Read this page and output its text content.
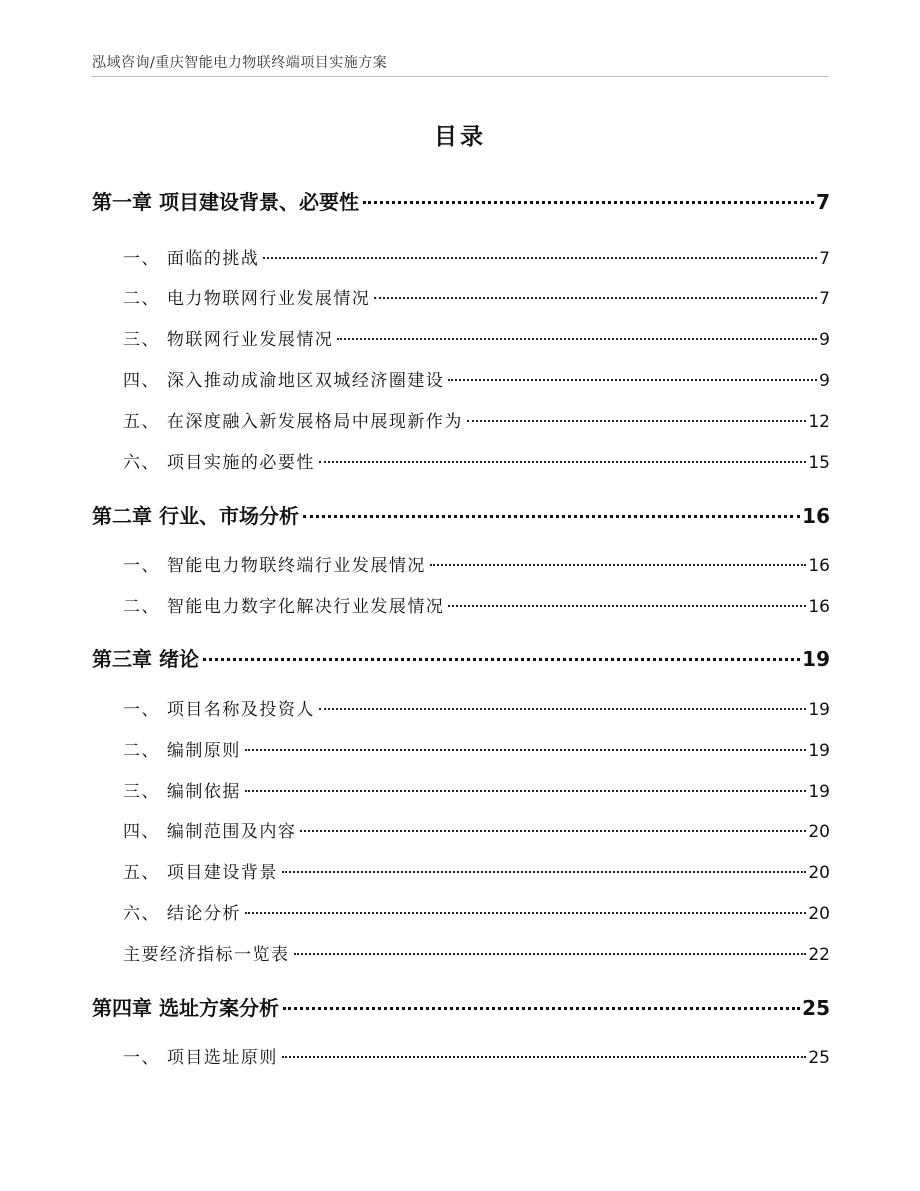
泓域咨询/重庆智能电力物联终端项目实施方案
目录
第一章 项目建设背景、必要性	7
一、 面临的挑战	7
二、 电力物联网行业发展情况	7
三、 物联网行业发展情况	9
四、 深入推动成渝地区双城经济圈建设	9
五、 在深度融入新发展格局中展现新作为	12
六、 项目实施的必要性	15
第二章 行业、市场分析	16
一、 智能电力物联终端行业发展情况	16
二、 智能电力数字化解决行业发展情况	16
第三章 绪论	19
一、 项目名称及投资人	19
二、 编制原则	19
三、 编制依据	19
四、 编制范围及内容	20
五、 项目建设背景	20
六、 结论分析	20
主要经济指标一览表	22
第四章 选址方案分析	25
一、 项目选址原则	25
